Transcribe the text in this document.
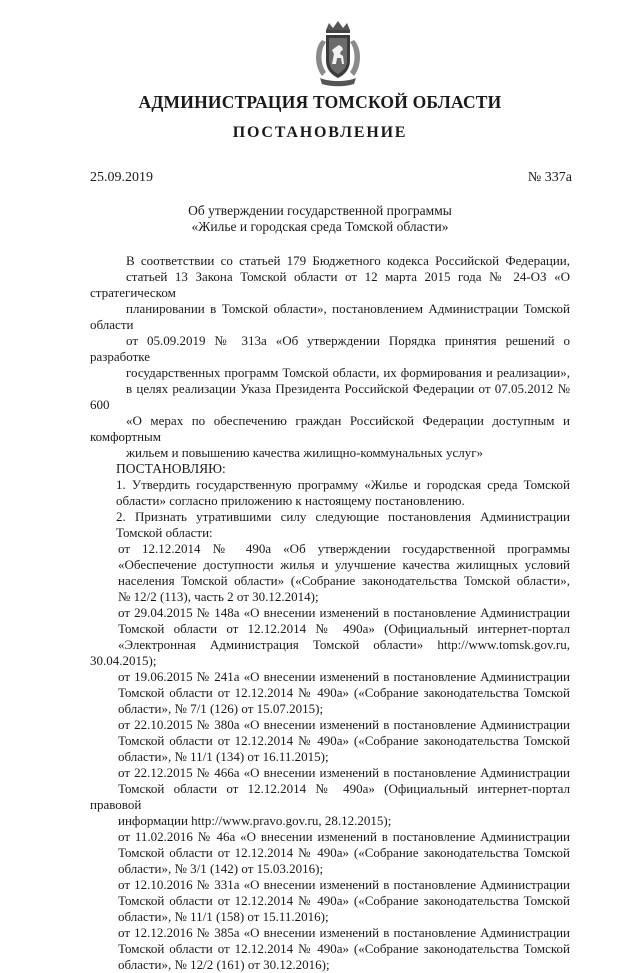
АДМИНИСТРАЦИЯ ТОМСКОЙ ОБЛАСТИ
ПОСТАНОВЛЕНИЕ
25.09.2019	№ 337а
Об утверждении государственной программы
«Жилье и городская среда Томской области»
В соответствии со статьей 179 Бюджетного кодекса Российской Федерации,
статьей 13 Закона Томской области от 12 марта 2015 года № 24-ОЗ «О стратегическом
планировании в Томской области», постановлением Администрации Томской области
от 05.09.2019 № 313а «Об утверждении Порядка принятия решений о разработке
государственных программ Томской области, их формирования и реализации»,
в целях реализации Указа Президента Российской Федерации от 07.05.2012 № 600
«О мерах по обеспечению граждан Российской Федерации доступным и комфортным
жильем и повышению качества жилищно-коммунальных услуг»
ПОСТАНОВЛЯЮ:
1. Утвердить государственную программу «Жилье и городская среда Томской
области» согласно приложению к настоящему постановлению.
2. Признать утратившими силу следующие постановления Администрации
Томской области:
от 12.12.2014 № 490а «Об утверждении государственной программы
«Обеспечение доступности жилья и улучшение качества жилищных условий
населения Томской области» («Собрание законодательства Томской области»,
№ 12/2 (113), часть 2 от 30.12.2014);
от 29.04.2015 № 148а «О внесении изменений в постановление Администрации
Томской области от 12.12.2014 № 490а» (Официальный интернет-портал
«Электронная Администрация Томской области» http://www.tomsk.gov.ru, 30.04.2015);
от 19.06.2015 № 241а «О внесении изменений в постановление Администрации
Томской области от 12.12.2014 № 490а» («Собрание законодательства Томской
области», № 7/1 (126) от 15.07.2015);
от 22.10.2015 № 380а «О внесении изменений в постановление Администрации
Томской области от 12.12.2014 № 490а» («Собрание законодательства Томской
области», № 11/1 (134) от 16.11.2015);
от 22.12.2015 № 466а «О внесении изменений в постановление Администрации
Томской области от 12.12.2014 № 490а» (Официальный интернет-портал правовой
информации http://www.pravo.gov.ru, 28.12.2015);
от 11.02.2016 № 46а «О внесении изменений в постановление Администрации
Томской области от 12.12.2014 № 490а» («Собрание законодательства Томской
области», № 3/1 (142) от 15.03.2016);
от 12.10.2016 № 331а «О внесении изменений в постановление Администрации
Томской области от 12.12.2014 № 490а» («Собрание законодательства Томской
области», № 11/1 (158) от 15.11.2016);
от 12.12.2016 № 385а «О внесении изменений в постановление Администрации
Томской области от 12.12.2014 № 490а» («Собрание законодательства Томской
области», № 12/2 (161) от 30.12.2016);
